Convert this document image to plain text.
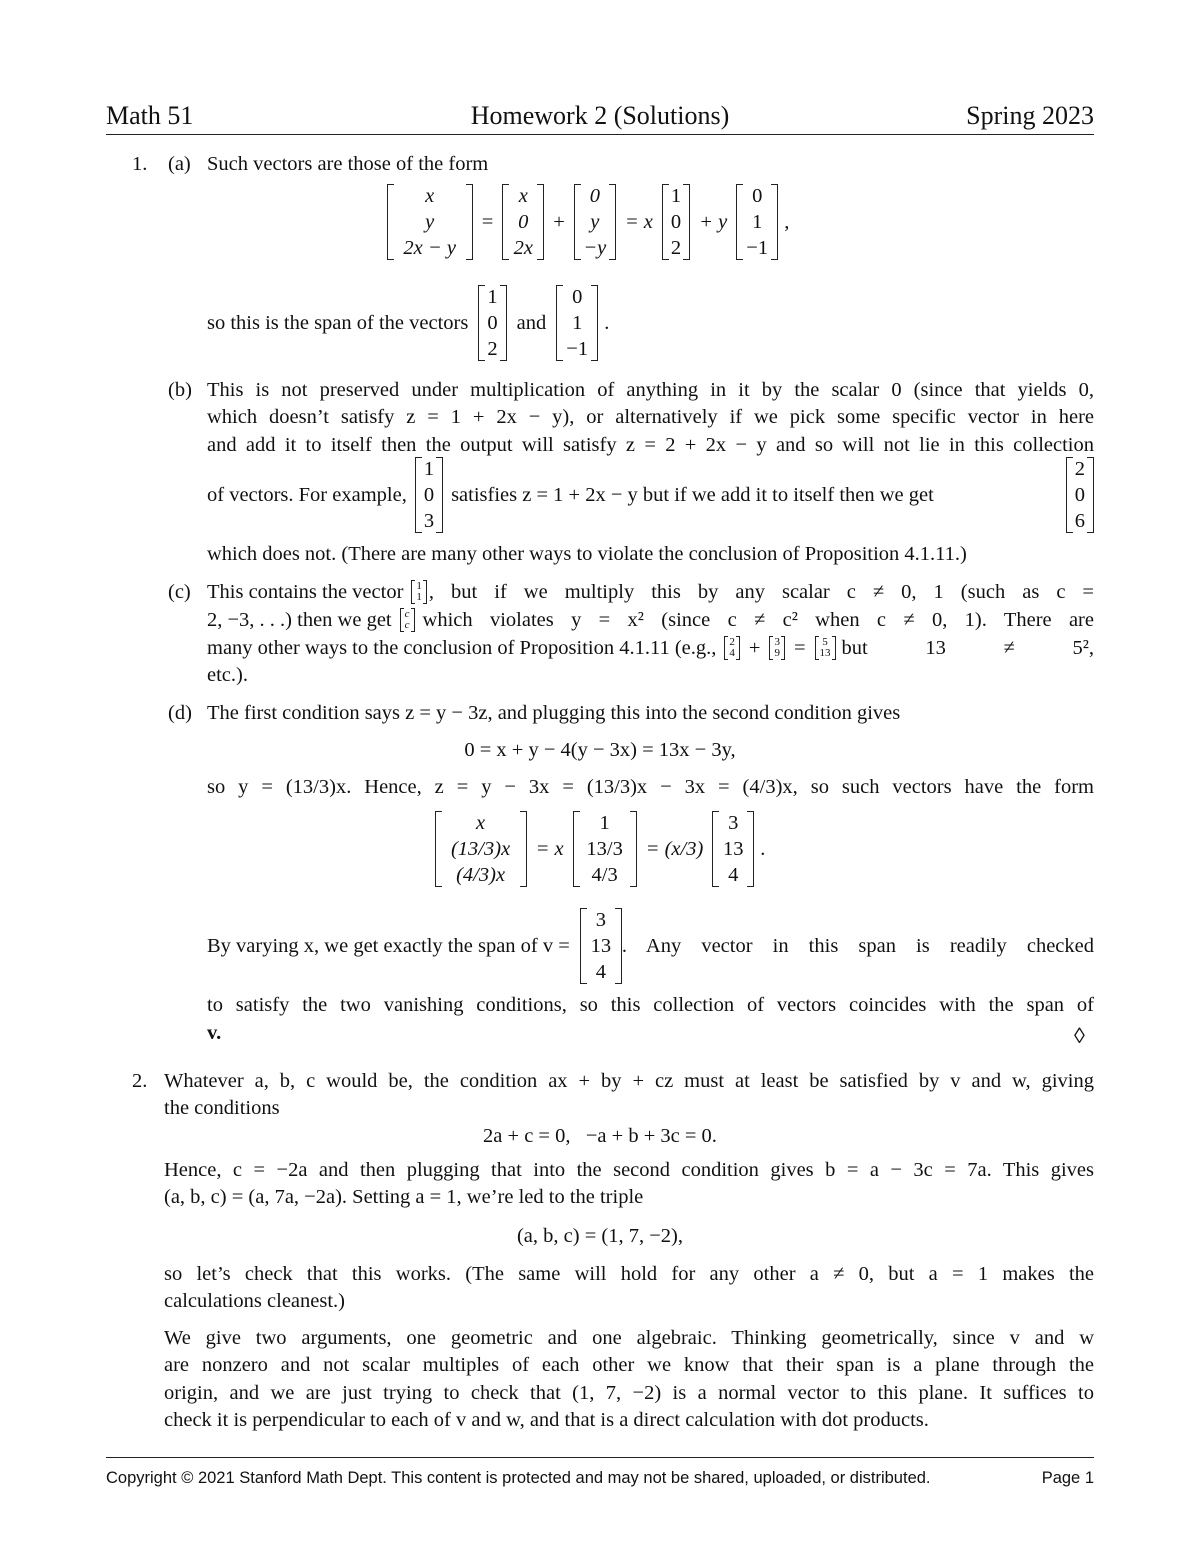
Math 51	Homework 2 (Solutions)	Spring 2023
1. (a) Such vectors are those of the form
x
y
2x − y
=
x
0
2x
+
0
y
−y
= x
1
0
2
+ y
0
1
−1
,
so this is the span of the vectors
1
0
2
and
0
1
−1
.
(b) This is not preserved under multiplication of anything in it by the scalar 0 (since that yields 0,
which doesn’t satisfy z = 1 + 2x − y), or alternatively if we pick some specific vector in here
and add it to itself then the output will satisfy z = 2 + 2x − y and so will not lie in this collection
of vectors. For example,
1
0
3
satisfies z = 1 + 2x − y but if we add it to itself then we get
2
0
6
which does not. (There are many other ways to violate the conclusion of Proposition 4.1.11.)
(c) This contains the vector 1
1 , but if we multiply this by any scalar c ≠ 0, 1 (such as c =
2, −3, . . .) then we get c
c which violates y = x² (since c ≠ c² when c ≠ 0, 1). There are
many other ways to the conclusion of Proposition 4.1.11 (e.g., 2
4 + 3
9 = 5
13 but 13 ≠ 5²,
etc.).
(d) The first condition says z = y − 3z, and plugging this into the second condition gives
0 = x + y − 4(y − 3x) = 13x − 3y,
so y = (13/3)x. Hence, z = y − 3x = (13/3)x − 3x = (4/3)x, so such vectors have the form
x
(13/3)x
(4/3)x
= x
1
13/3
4/3
= (x/3)
3
13
4
.
By varying x, we get exactly the span of v =
3
13
4
. Any vector in this span is readily checked
to satisfy the two vanishing conditions, so this collection of vectors coincides with the span of
v.	◊
2. Whatever a, b, c would be, the condition ax + by + cz must at least be satisfied by v and w, giving
the conditions
2a + c = 0,   −a + b + 3c = 0.
Hence, c = −2a and then plugging that into the second condition gives b = a − 3c = 7a. This gives
(a, b, c) = (a, 7a, −2a). Setting a = 1, we’re led to the triple
(a, b, c) = (1, 7, −2),
so let’s check that this works. (The same will hold for any other a ≠ 0, but a = 1 makes the
calculations cleanest.)
We give two arguments, one geometric and one algebraic. Thinking geometrically, since v and w
are nonzero and not scalar multiples of each other we know that their span is a plane through the
origin, and we are just trying to check that (1, 7, −2) is a normal vector to this plane. It suffices to
check it is perpendicular to each of v and w, and that is a direct calculation with dot products.
Copyright © 2021 Stanford Math Dept. This content is protected and may not be shared, uploaded, or distributed.	Page 1
